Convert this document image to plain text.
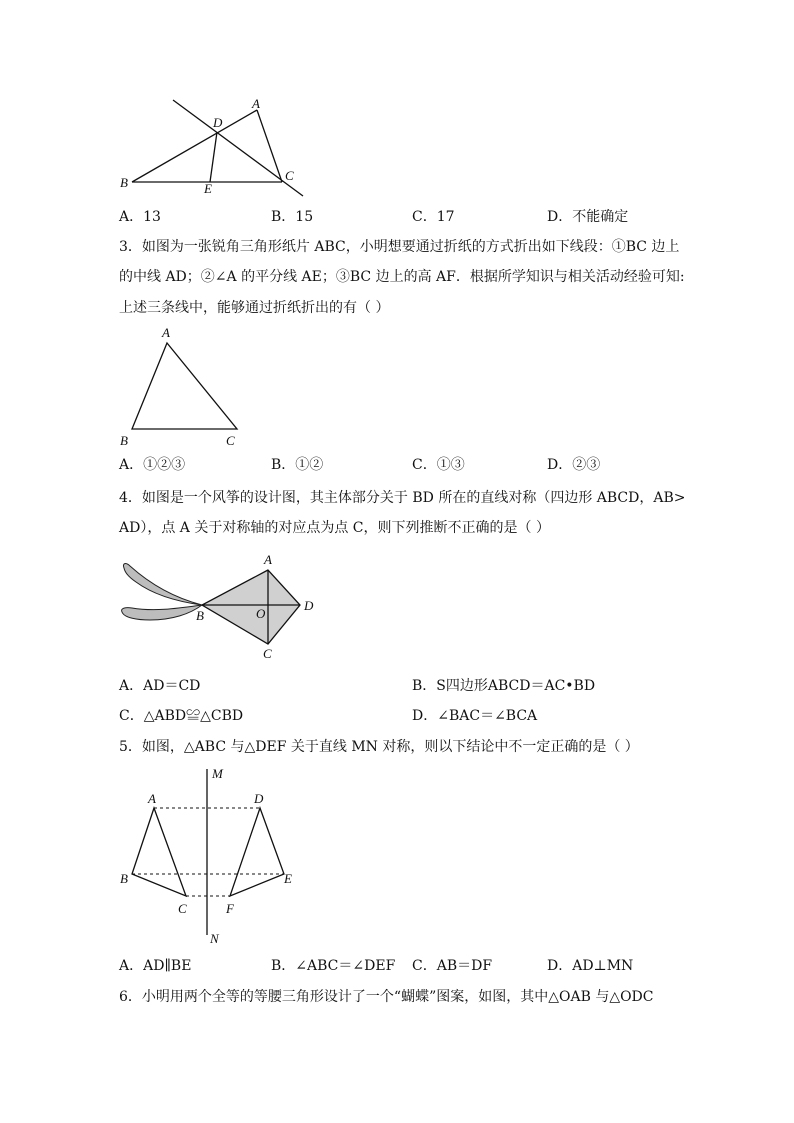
A
D
B	E
C
A．13	B．15	C．17	D．不能确定
3．如图为一张锐角三角形纸片 ABC，小明想要通过折纸的方式折出如下线段：①BC 边上
的中线 AD；②∠A 的平分线 AE；③BC 边上的高 AF．根据所学知识与相关活动经验可知:
上述三条线中，能够通过折纸折出的有（ ）
A
B	C
A．①②③	B．①②	C．①③	D．②③
4．如图是一个风筝的设计图，其主体部分关于 BD 所在的直线对称（四边形 ABCD，AB>
AD），点 A 关于对称轴的对应点为点 C，则下列推断不正确的是（ ）
A
B	O
D
C
A．AD＝CD	B．S四边形ABCD＝AC•BD
C．△ABD≌△CBD	D．∠BAC＝∠BCA
5．如图，△ABC 与△DEF 关于直线 MN 对称，则以下结论中不一定正确的是（ ）
M
A	D
B	E
C	F
N
A．AD∥BE	B．∠ABC＝∠DEF C．AB＝DF	D．AD⊥MN
6．小明用两个全等的等腰三角形设计了一个“蝴蝶”图案，如图，其中△OAB 与△ODC
